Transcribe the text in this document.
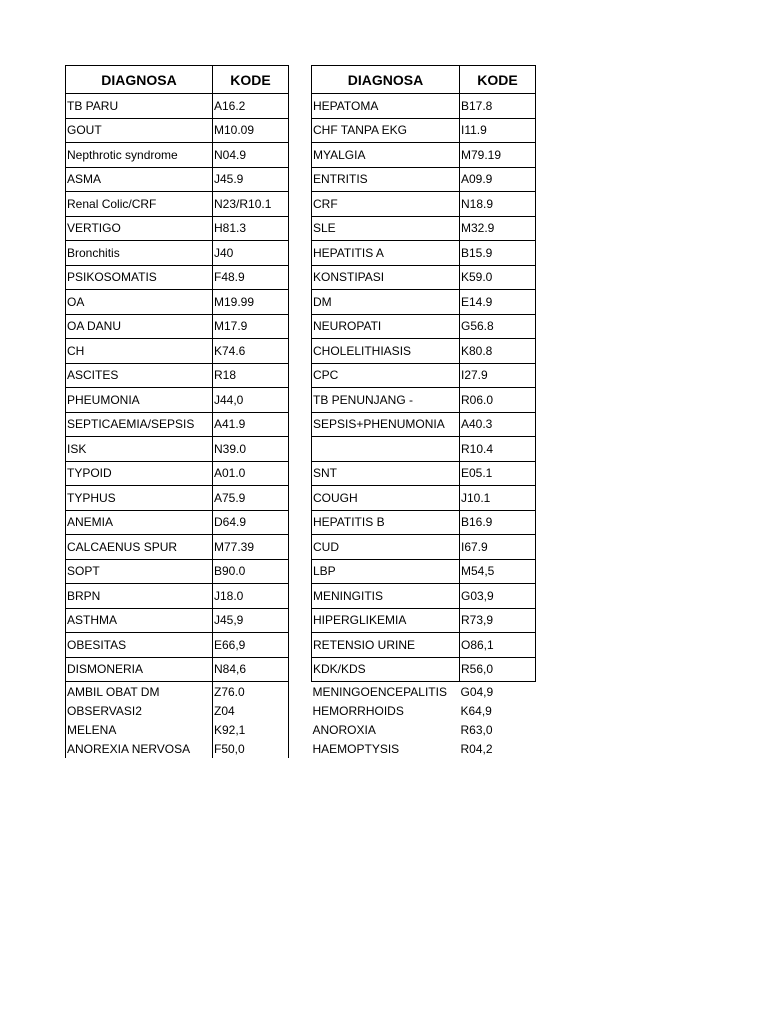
DIAGNOSA	KODE
TB PARU	A16.2
GOUT	M10.09
Nepthrotic syndrome	N04.9
ASMA	J45.9
Renal Colic/CRF	N23/R10.1
VERTIGO	H81.3
Bronchitis	J40
PSIKOSOMATIS	F48.9
OA	M19.99
OA DANU	M17.9
CH	K74.6
ASCITES	R18
PHEUMONIA	J44,0
SEPTICAEMIA/SEPSIS	A41.9
ISK	N39.0
TYPOID	A01.0
TYPHUS	A75.9
ANEMIA	D64.9
CALCAENUS SPUR	M77.39
SOPT	B90.0
BRPN	J18.0
ASTHMA	J45,9
OBESITAS	E66,9
DISMONERIA	N84,6
AMBIL OBAT DM	Z76.0
OBSERVASI2	Z04
MELENA	K92,1
ANOREXIA NERVOSA	F50,0
DIAGNOSA	KODE
HEPATOMA	B17.8
CHF TANPA EKG	I11.9
MYALGIA	M79.19
ENTRITIS	A09.9
CRF	N18.9
SLE	M32.9
HEPATITIS A	B15.9
KONSTIPASI	K59.0
DM	E14.9
NEUROPATI	G56.8
CHOLELITHIASIS	K80.8
CPC	I27.9
TB PENUNJANG -	R06.0
SEPSIS+PHENUMONIA	A40.3
	R10.4
SNT	E05.1
COUGH	J10.1
HEPATITIS B	B16.9
CUD	I67.9
LBP	M54,5
MENINGITIS	G03,9
HIPERGLIKEMIA	R73,9
RETENSIO URINE	O86,1
KDK/KDS	R56,0
MENINGOENCEPALITIS	G04,9
HEMORRHOIDS	K64,9
ANOROXIA	R63,0
HAEMOPTYSIS	R04,2
